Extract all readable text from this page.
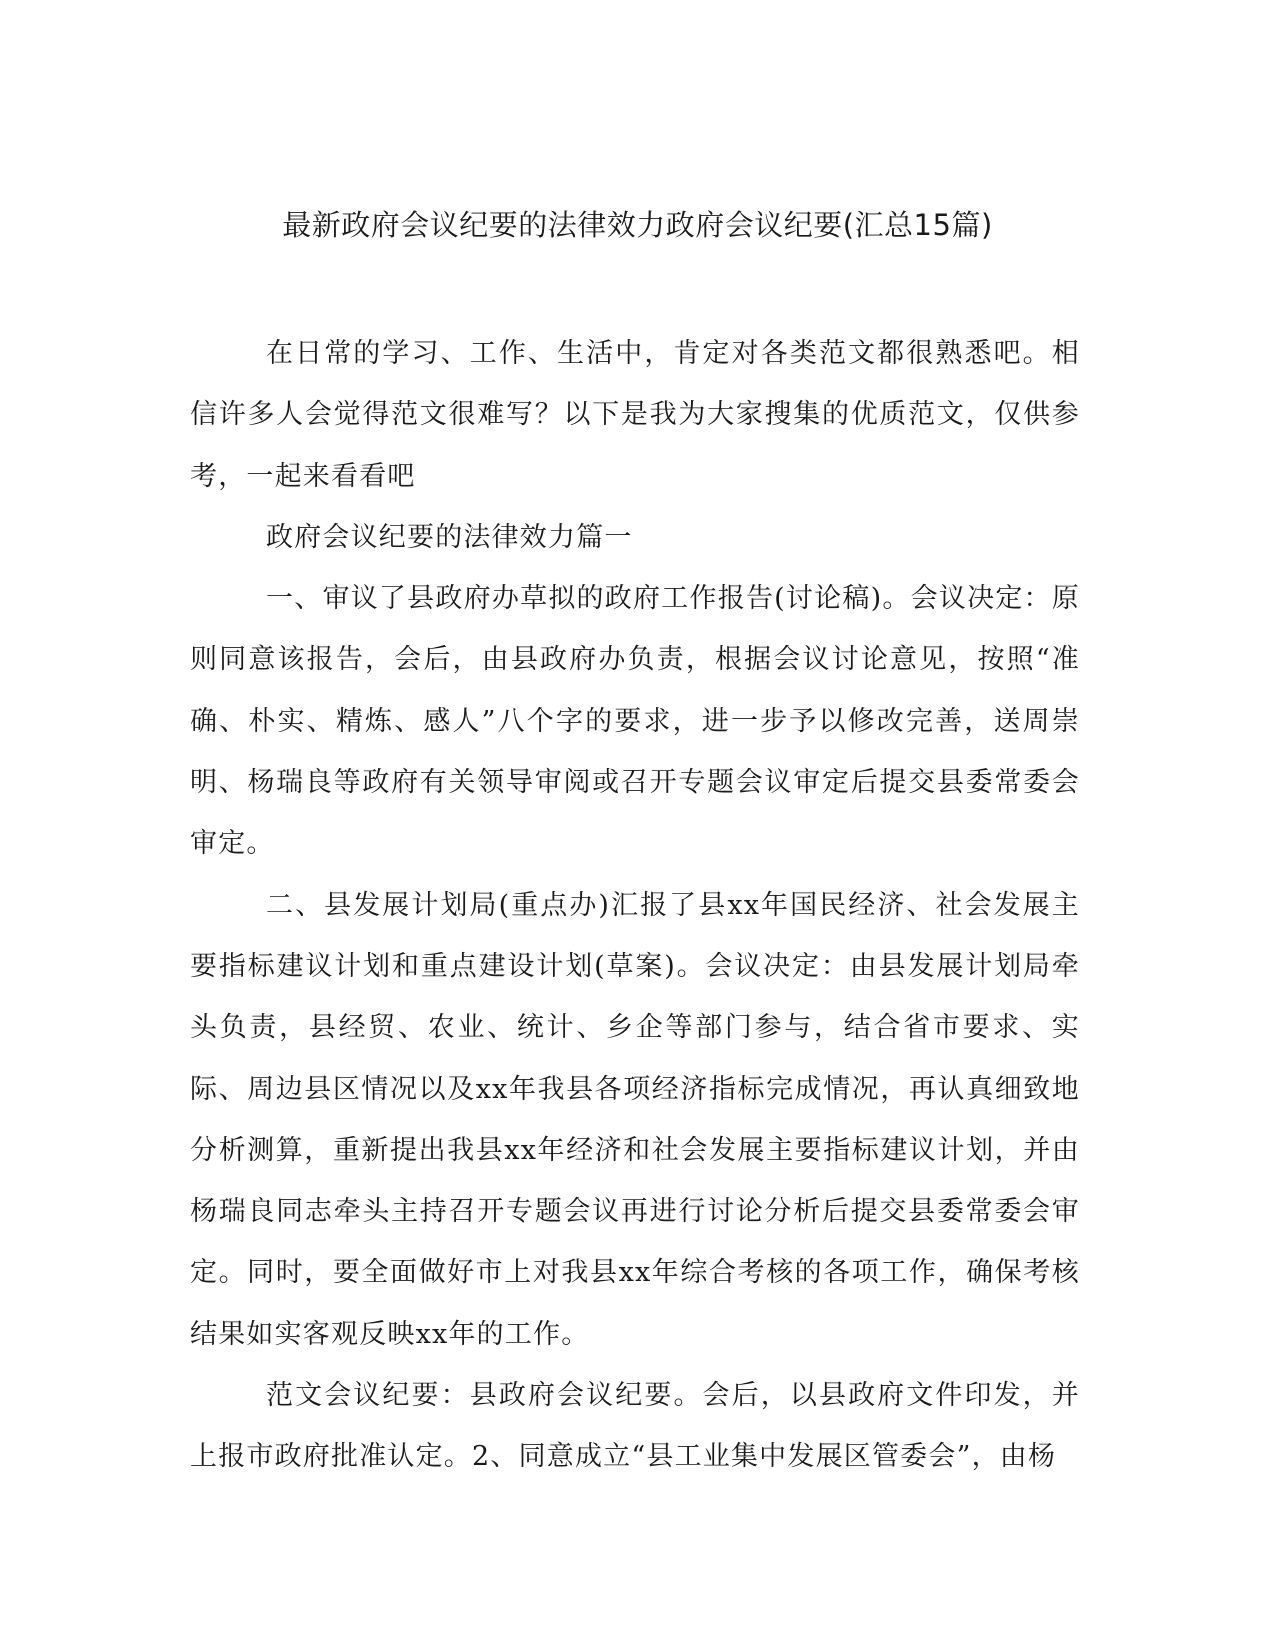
最新政府会议纪要的法律效力政府会议纪要(汇总15篇)

在日常的学习、工作、生活中，肯定对各类范文都很熟悉吧。相信许多人会觉得范文很难写？以下是我为大家搜集的优质范文，仅供参考，一起来看看吧

政府会议纪要的法律效力篇一

一、审议了县政府办草拟的政府工作报告(讨论稿)。会议决定：原则同意该报告，会后，由县政府办负责，根据会议讨论意见，按照“准确、朴实、精炼、感人”八个字的要求，进一步予以修改完善，送周崇明、杨瑞良等政府有关领导审阅或召开专题会议审定后提交县委常委会审定。

二、县发展计划局(重点办)汇报了县xx年国民经济、社会发展主要指标建议计划和重点建设计划(草案)。会议决定：由县发展计划局牵头负责，县经贸、农业、统计、乡企等部门参与，结合省市要求、实际、周边县区情况以及xx年我县各项经济指标完成情况，再认真细致地分析测算，重新提出我县xx年经济和社会发展主要指标建议计划，并由杨瑞良同志牵头主持召开专题会议再进行讨论分析后提交县委常委会审定。同时，要全面做好市上对我县xx年综合考核的各项工作，确保考核结果如实客观反映xx年的工作。

范文会议纪要：县政府会议纪要。会后，以县政府文件印发，并上报市政府批准认定。2、同意成立“县工业集中发展区管委会”，由杨
